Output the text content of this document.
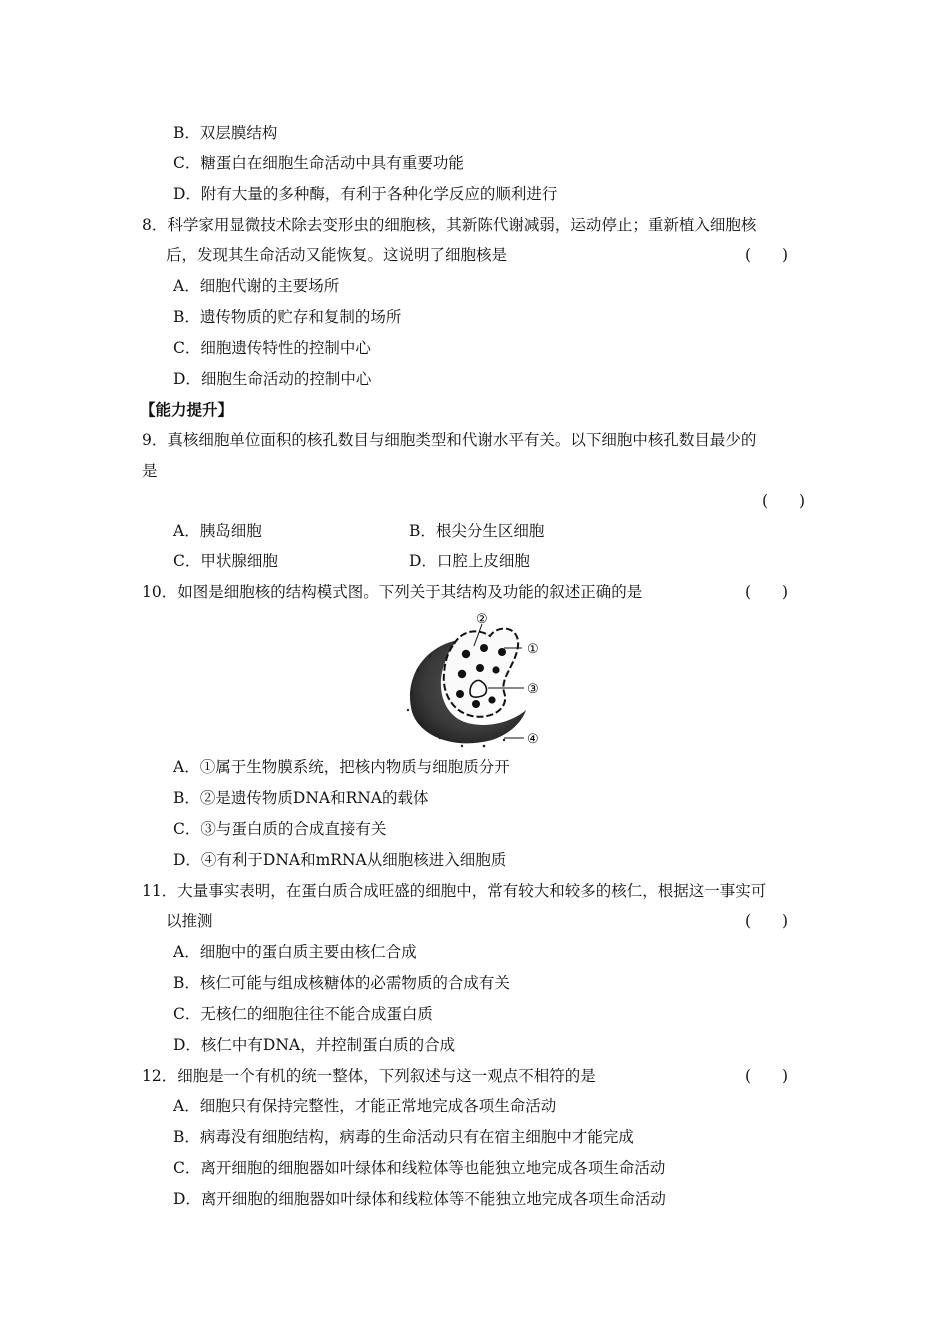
B．双层膜结构
C．糖蛋白在细胞生命活动中具有重要功能
D．附有大量的多种酶，有利于各种化学反应的顺利进行
8．科学家用显微技术除去变形虫的细胞核，其新陈代谢减弱，运动停止；重新植入细胞核
后，发现其生命活动又能恢复。这说明了细胞核是	(　　)
A．细胞代谢的主要场所
B．遗传物质的贮存和复制的场所
C．细胞遗传特性的控制中心
D．细胞生命活动的控制中心
【能力提升】
9．真核细胞单位面积的核孔数目与细胞类型和代谢水平有关。以下细胞中核孔数目最少的
是
(　　)
A．胰岛细胞	B．根尖分生区细胞
C．甲状腺细胞	D．口腔上皮细胞
10．如图是细胞核的结构模式图。下列关于其结构及功能的叙述正确的是	(　　)
②
①
③
④
A．①属于生物膜系统，把核内物质与细胞质分开
B．②是遗传物质DNA和RNA的载体
C．③与蛋白质的合成直接有关
D．④有利于DNA和mRNA从细胞核进入细胞质
11．大量事实表明，在蛋白质合成旺盛的细胞中，常有较大和较多的核仁，根据这一事实可
以推测	(　　)
A．细胞中的蛋白质主要由核仁合成
B．核仁可能与组成核糖体的必需物质的合成有关
C．无核仁的细胞往往不能合成蛋白质
D．核仁中有DNA，并控制蛋白质的合成
12．细胞是一个有机的统一整体，下列叙述与这一观点不相符的是	(　　)
A．细胞只有保持完整性，才能正常地完成各项生命活动
B．病毒没有细胞结构，病毒的生命活动只有在宿主细胞中才能完成
C．离开细胞的细胞器如叶绿体和线粒体等也能独立地完成各项生命活动
D．离开细胞的细胞器如叶绿体和线粒体等不能独立地完成各项生命活动
